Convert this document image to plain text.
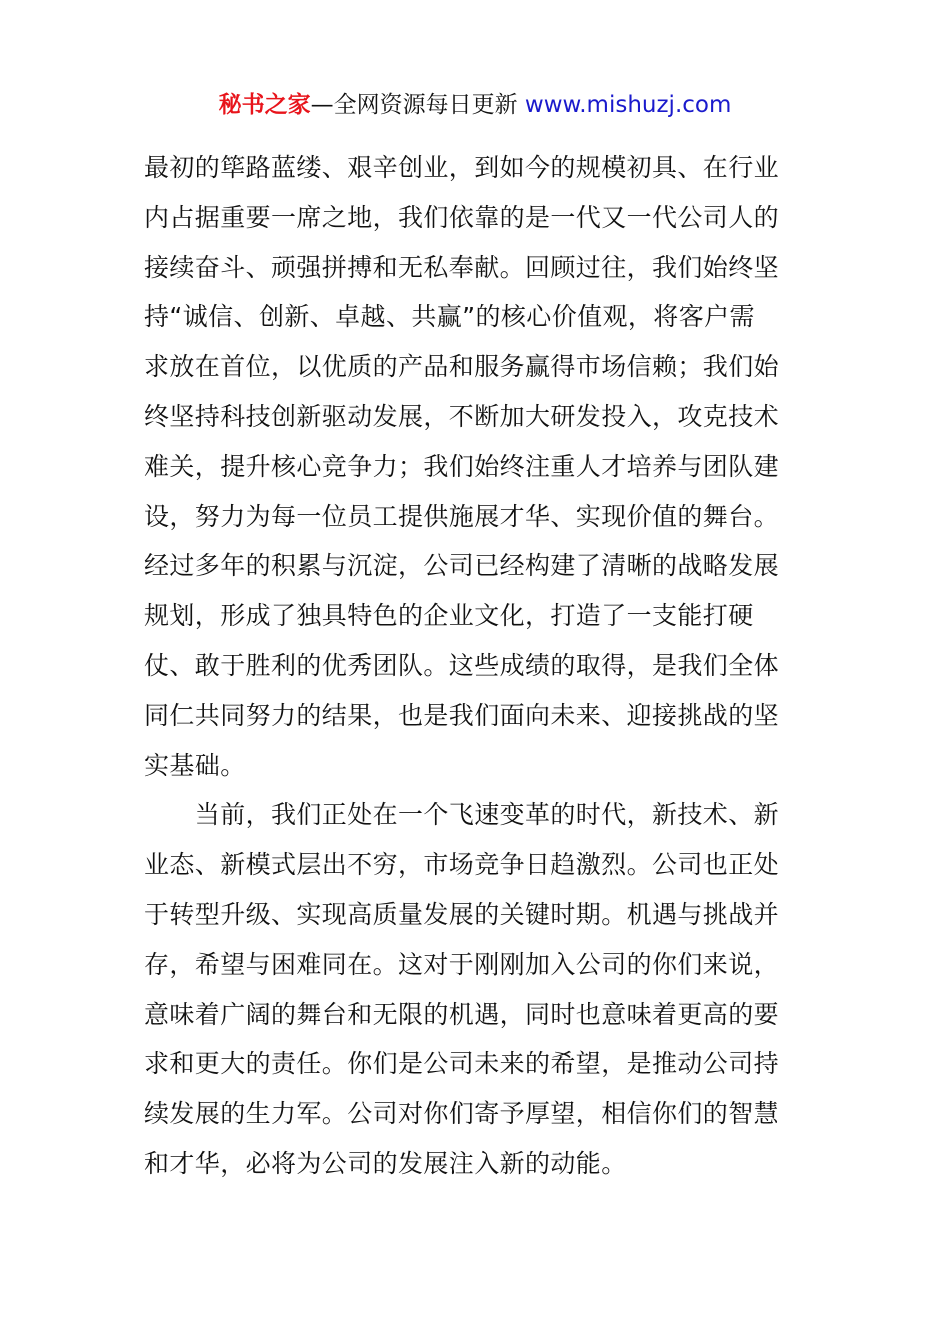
秘书之家—全网资源每日更新 www.mishuzj.com
最初的筚路蓝缕、艰辛创业，到如今的规模初具、在行业
内占据重要一席之地，我们依靠的是一代又一代公司人的
接续奋斗、顽强拼搏和无私奉献。回顾过往，我们始终坚
持“诚信、创新、卓越、共赢”的核心价值观，将客户需
求放在首位，以优质的产品和服务赢得市场信赖；我们始
终坚持科技创新驱动发展，不断加大研发投入，攻克技术
难关，提升核心竞争力；我们始终注重人才培养与团队建
设，努力为每一位员工提供施展才华、实现价值的舞台。
经过多年的积累与沉淀，公司已经构建了清晰的战略发展
规划，形成了独具特色的企业文化，打造了一支能打硬
仗、敢于胜利的优秀团队。这些成绩的取得，是我们全体
同仁共同努力的结果，也是我们面向未来、迎接挑战的坚
实基础。
　　当前，我们正处在一个飞速变革的时代，新技术、新
业态、新模式层出不穷，市场竞争日趋激烈。公司也正处
于转型升级、实现高质量发展的关键时期。机遇与挑战并
存，希望与困难同在。这对于刚刚加入公司的你们来说，
意味着广阔的舞台和无限的机遇，同时也意味着更高的要
求和更大的责任。你们是公司未来的希望，是推动公司持
续发展的生力军。公司对你们寄予厚望，相信你们的智慧
和才华，必将为公司的发展注入新的动能。
